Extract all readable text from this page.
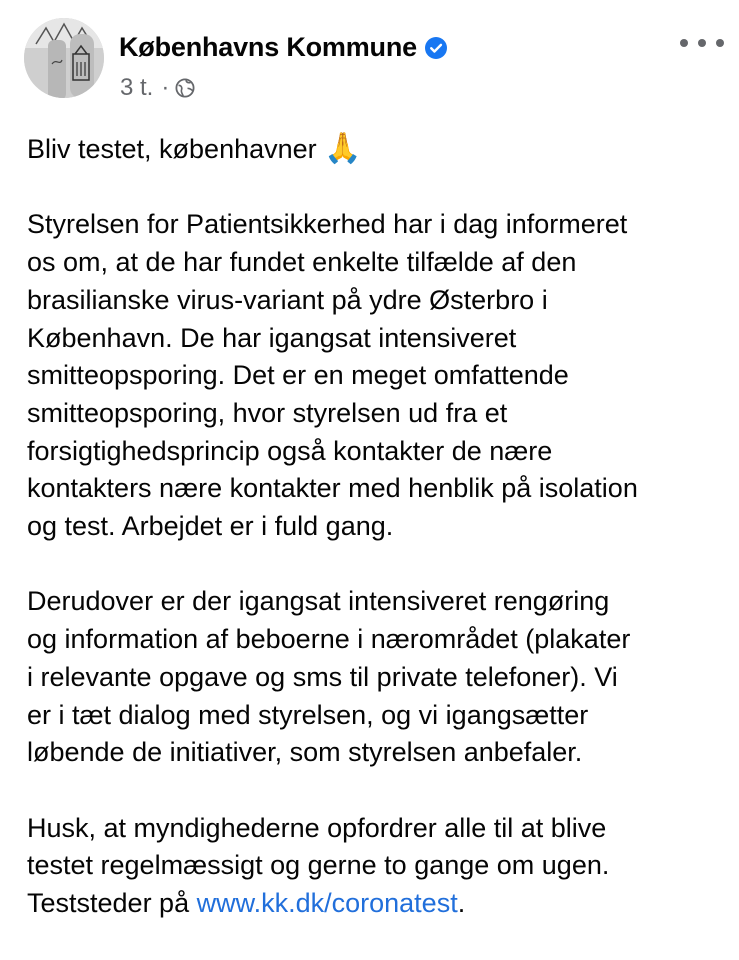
Københavns Kommune
3 t. ·

Bliv testet, københavner 🙏

Styrelsen for Patientsikkerhed har i dag informeret
os om, at de har fundet enkelte tilfælde af den
brasilianske virus-variant på ydre Østerbro i
København. De har igangsat intensiveret
smitteopsporing. Det er en meget omfattende
smitteopsporing, hvor styrelsen ud fra et
forsigtighedsprincip også kontakter de nære
kontakters nære kontakter med henblik på isolation
og test. Arbejdet er i fuld gang.

Derudover er der igangsat intensiveret rengøring
og information af beboerne i nærområdet (plakater
i relevante opgave og sms til private telefoner). Vi
er i tæt dialog med styrelsen, og vi igangsætter
løbende de initiativer, som styrelsen anbefaler.

Husk, at myndighederne opfordrer alle til at blive
testet regelmæssigt og gerne to gange om ugen.
Teststeder på www.kk.dk/coronatest.
